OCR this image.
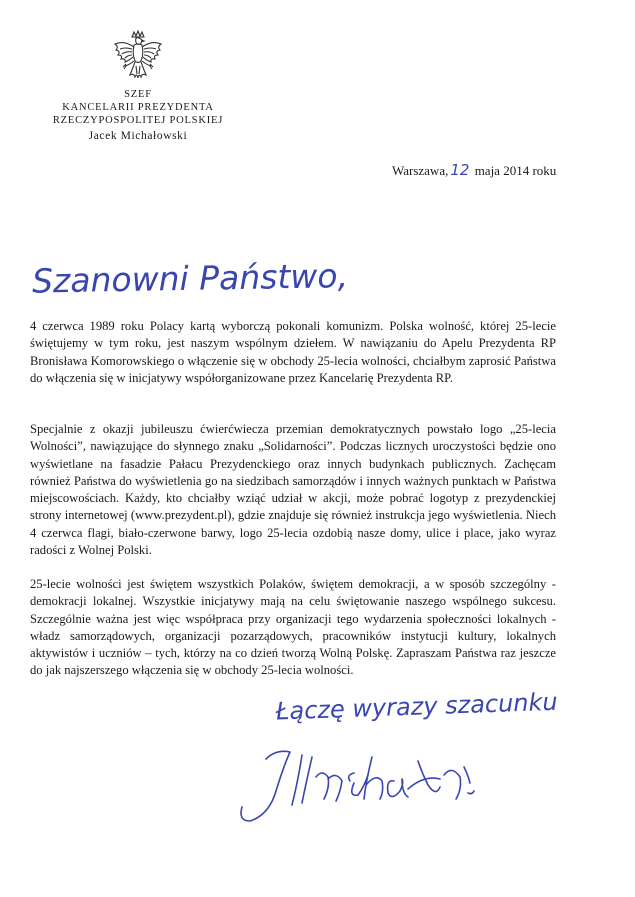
SZEF
KANCELARII PREZYDENTA
RZECZYPOSPOLITEJ POLSKIEJ
Jacek Michałowski
Warszawa, 12 maja 2014 roku
Szanowni Państwo,

4 czerwca 1989 roku Polacy kartą wyborczą pokonali komunizm. Polska wolność, której 25-lecie świętujemy w tym roku, jest naszym wspólnym dziełem. W nawiązaniu do Apelu Prezydenta RP Bronisława Komorowskiego o włączenie się w obchody 25-lecia wolności, chciałbym zaprosić Państwa do włączenia się w inicjatywy współorganizowane przez Kancelarię Prezydenta RP.

Specjalnie z okazji jubileuszu ćwierćwiecza przemian demokratycznych powstało logo „25-lecia Wolności”, nawiązujące do słynnego znaku „Solidarności”. Podczas licznych uroczystości będzie ono wyświetlane na fasadzie Pałacu Prezydenckiego oraz innych budynkach publicznych. Zachęcam również Państwa do wyświetlenia go na siedzibach samorządów i innych ważnych punktach w Państwa miejscowościach. Każdy, kto chciałby wziąć udział w akcji, może pobrać logotyp z prezydenckiej strony internetowej (www.prezydent.pl), gdzie znajduje się również instrukcja jego wyświetlenia. Niech 4 czerwca flagi, biało-czerwone barwy, logo 25-lecia ozdobią nasze domy, ulice i place, jako wyraz radości z Wolnej Polski.

25-lecie wolności jest świętem wszystkich Polaków, świętem demokracji, a w sposób szczególny - demokracji lokalnej. Wszystkie inicjatywy mają na celu świętowanie naszego wspólnego sukcesu. Szczególnie ważna jest więc współpraca przy organizacji tego wydarzenia społeczności lokalnych - władz samorządowych, organizacji pozarządowych, pracowników instytucji kultury, lokalnych aktywistów i uczniów – tych, którzy na co dzień tworzą Wolną Polskę. Zapraszam Państwa raz jeszcze do jak najszerszego włączenia się w obchody 25-lecia wolności.

Łączę wyrazy szacunku
